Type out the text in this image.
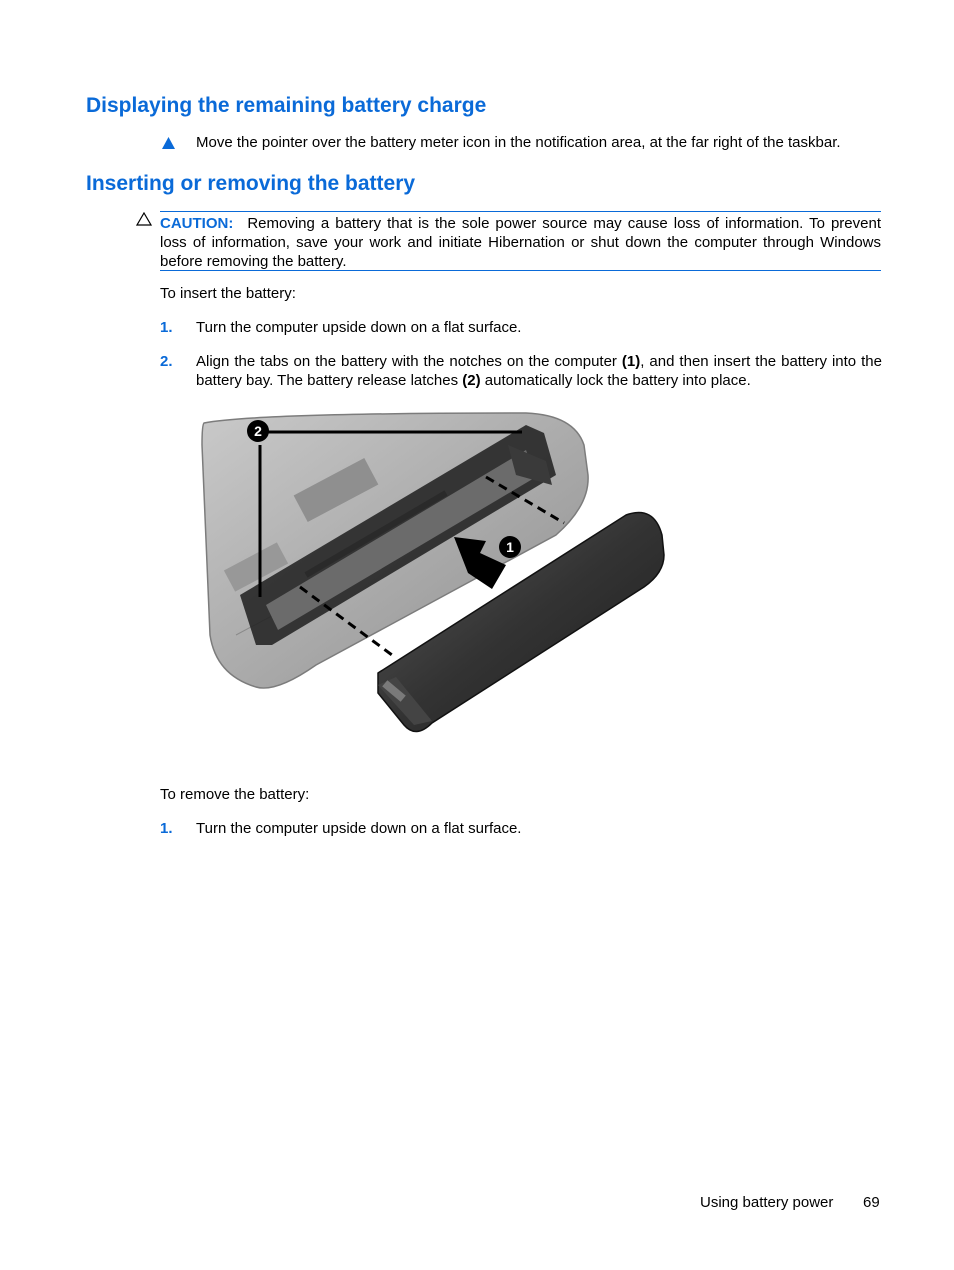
Displaying the remaining battery charge
Move the pointer over the battery meter icon in the notification area, at the far right of the taskbar.
Inserting or removing the battery
CAUTION: Removing a battery that is the sole power source may cause loss of information. To prevent loss of information, save your work and initiate Hibernation or shut down the computer through Windows before removing the battery.
To insert the battery:
1. Turn the computer upside down on a flat surface.
2. Align the tabs on the battery with the notches on the computer (1), and then insert the battery into the battery bay. The battery release latches (2) automatically lock the battery into place.
1
2
To remove the battery:
1. Turn the computer upside down on a flat surface.
Using battery power 69
